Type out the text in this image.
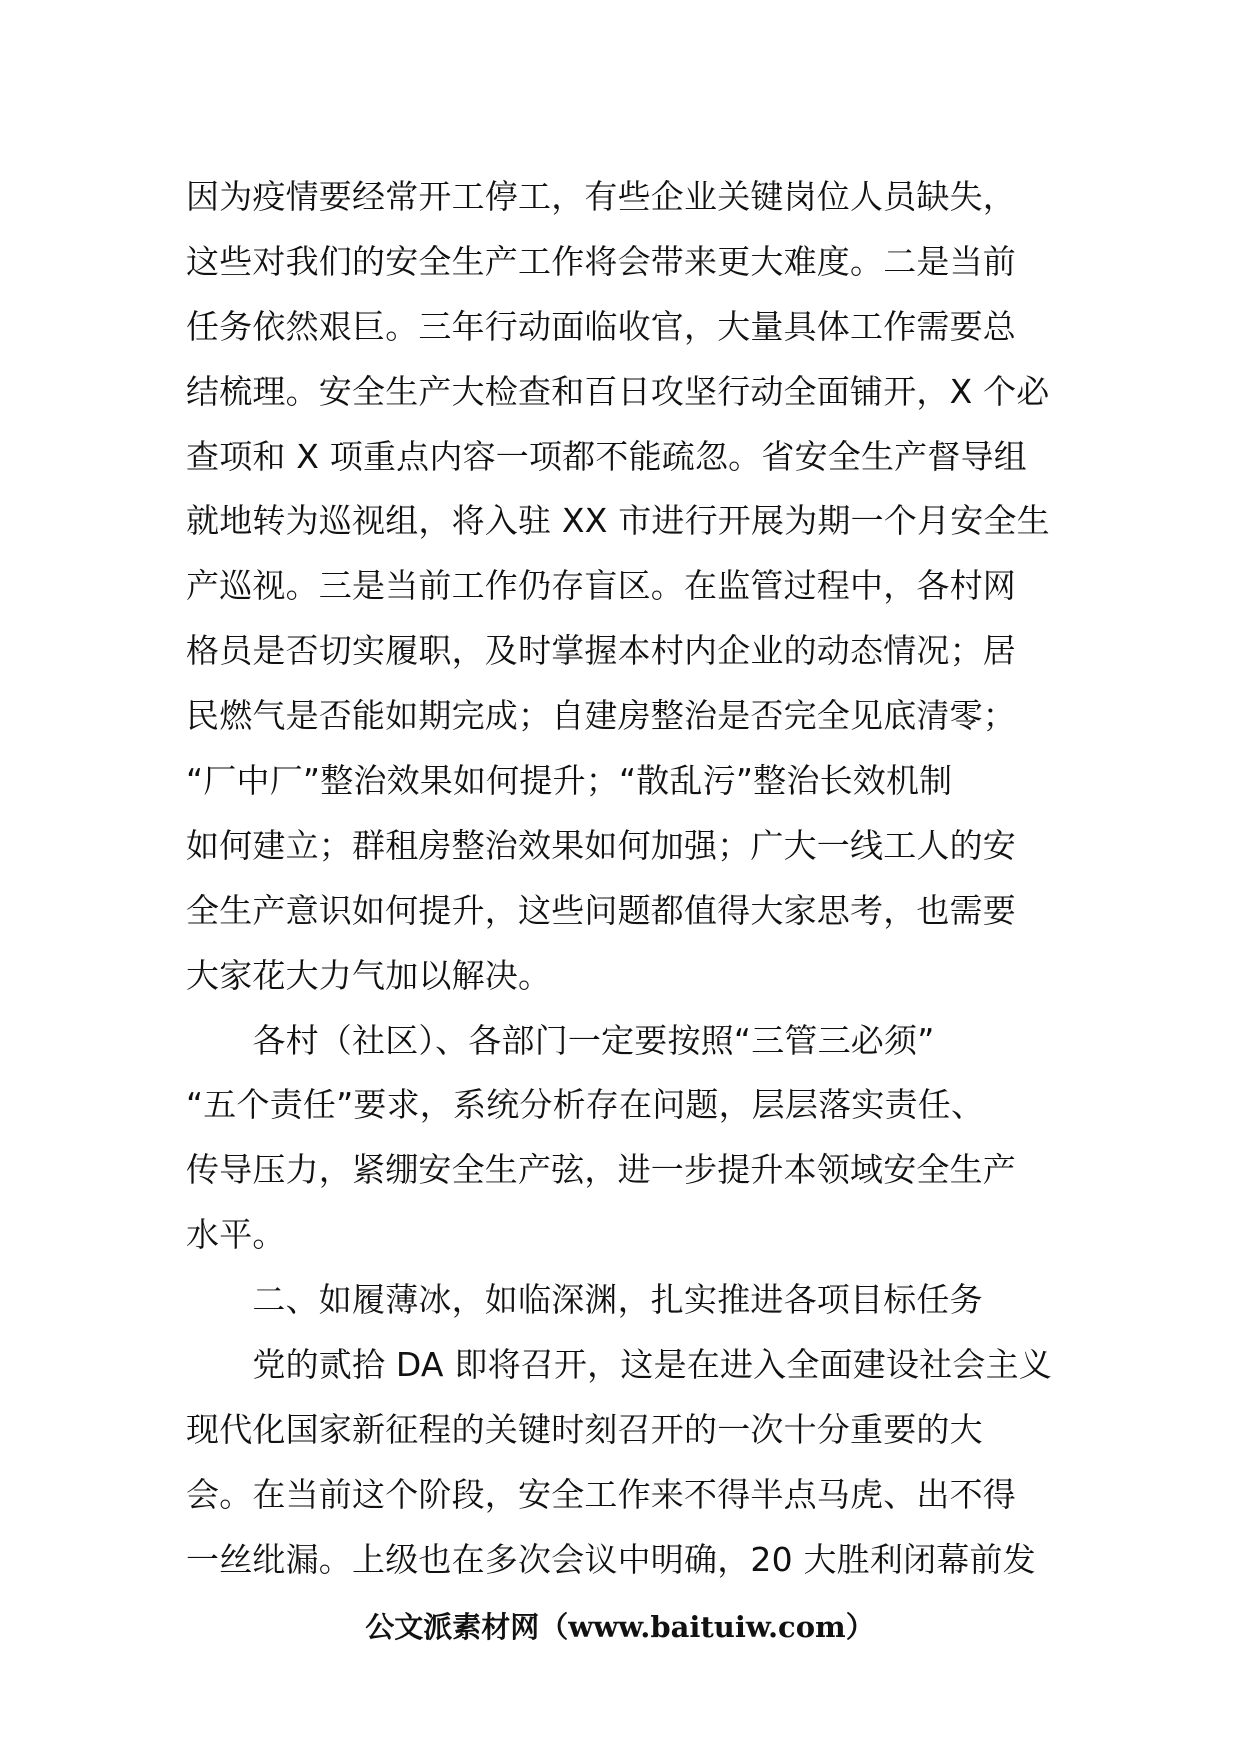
因为疫情要经常开工停工，有些企业关键岗位人员缺失，
这些对我们的安全生产工作将会带来更大难度。二是当前
任务依然艰巨。三年行动面临收官，大量具体工作需要总
结梳理。安全生产大检查和百日攻坚行动全面铺开，X 个必
查项和 X 项重点内容一项都不能疏忽。省安全生产督导组
就地转为巡视组，将入驻 XX 市进行开展为期一个月安全生
产巡视。三是当前工作仍存盲区。在监管过程中，各村网
格员是否切实履职，及时掌握本村内企业的动态情况；居
民燃气是否能如期完成；自建房整治是否完全见底清零；
“厂中厂”整治效果如何提升；“散乱污”整治长效机制
如何建立；群租房整治效果如何加强；广大一线工人的安
全生产意识如何提升，这些问题都值得大家思考，也需要
大家花大力气加以解决。
　　各村（社区）、各部门一定要按照“三管三必须”
“五个责任”要求，系统分析存在问题，层层落实责任、
传导压力，紧绷安全生产弦，进一步提升本领域安全生产
水平。
　　二、如履薄冰，如临深渊，扎实推进各项目标任务
　　党的贰拾 DA 即将召开，这是在进入全面建设社会主义
现代化国家新征程的关键时刻召开的一次十分重要的大
会。在当前这个阶段，安全工作来不得半点马虎、出不得
一丝纰漏。上级也在多次会议中明确，20 大胜利闭幕前发
公文派素材网（www.baituiw.com）
